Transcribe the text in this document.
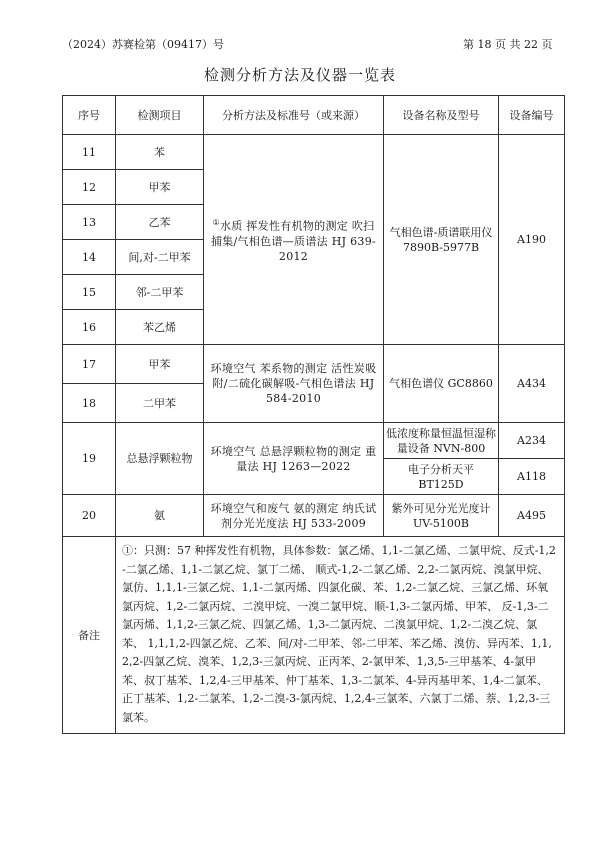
（2024）苏赛检第（09417）号	第 18 页 共 22 页
检测分析方法及仪器一览表
序号	检测项目	分析方法及标准号（或来源）	设备名称及型号	设备编号
11	苯	①水质 挥发性有机物的测定 吹扫捕集/气相色谱—质谱法 HJ 639-2012	气相色谱-质谱联用仪 7890B-5977B	A190
12	甲苯			
13	乙苯			
14	间,对-二甲苯			
15	邻-二甲苯			
16	苯乙烯			
17	甲苯	环境空气 苯系物的测定 活性炭吸附/二硫化碳解吸-气相色谱法 HJ 584-2010	气相色谱仪 GC8860	A434
18	二甲苯			
19	总悬浮颗粒物	环境空气 总悬浮颗粒物的测定 重量法 HJ 1263—2022	低浓度称量恒温恒湿称量设备 NVN-800	A234
			电子分析天平 BT125D	A118
20	氨	环境空气和废气 氨的测定 纳氏试剂分光光度法 HJ 533-2009	紫外可见分光光度计 UV-5100B	A495
备注	①：只测：57 种挥发性有机物，具体参数：氯乙烯、1,1-二氯乙烯、二氯甲烷、反式-1,2-二氯乙烯、1,1-二氯乙烷、氯丁二烯、 顺式-1,2-二氯乙烯、2,2-二氯丙烷、溴氯甲烷、氯仿、1,1,1-三氯乙烷、1,1-二氯丙烯、四氯化碳、苯、1,2-二氯乙烷、三氯乙烯、环氧氯丙烷、1,2-二氯丙烷、二溴甲烷、一溴二氯甲烷、顺-1,3-二氯丙烯、甲苯、 反-1,3-二氯丙烯、1,1,2-三氯乙烷、四氯乙烯、1,3-二氯丙烷、二溴氯甲烷、1,2-二溴乙烷、氯苯、 1,1,1,2-四氯乙烷、乙苯、间/对-二甲苯、邻-二甲苯、苯乙烯、溴仿、异丙苯、1,1,2,2-四氯乙烷、溴苯、1,2,3-三氯丙烷、正丙苯、2-氯甲苯、1,3,5-三甲基苯、4-氯甲苯、叔丁基苯、1,2,4-三甲基苯、仲丁基苯、1,3-二氯苯、4-异丙基甲苯、1,4-二氯苯、正丁基苯、1,2-二氯苯、1,2-二溴-3-氯丙烷、1,2,4-三氯苯、六氯丁二烯、萘、1,2,3-三氯苯。			
